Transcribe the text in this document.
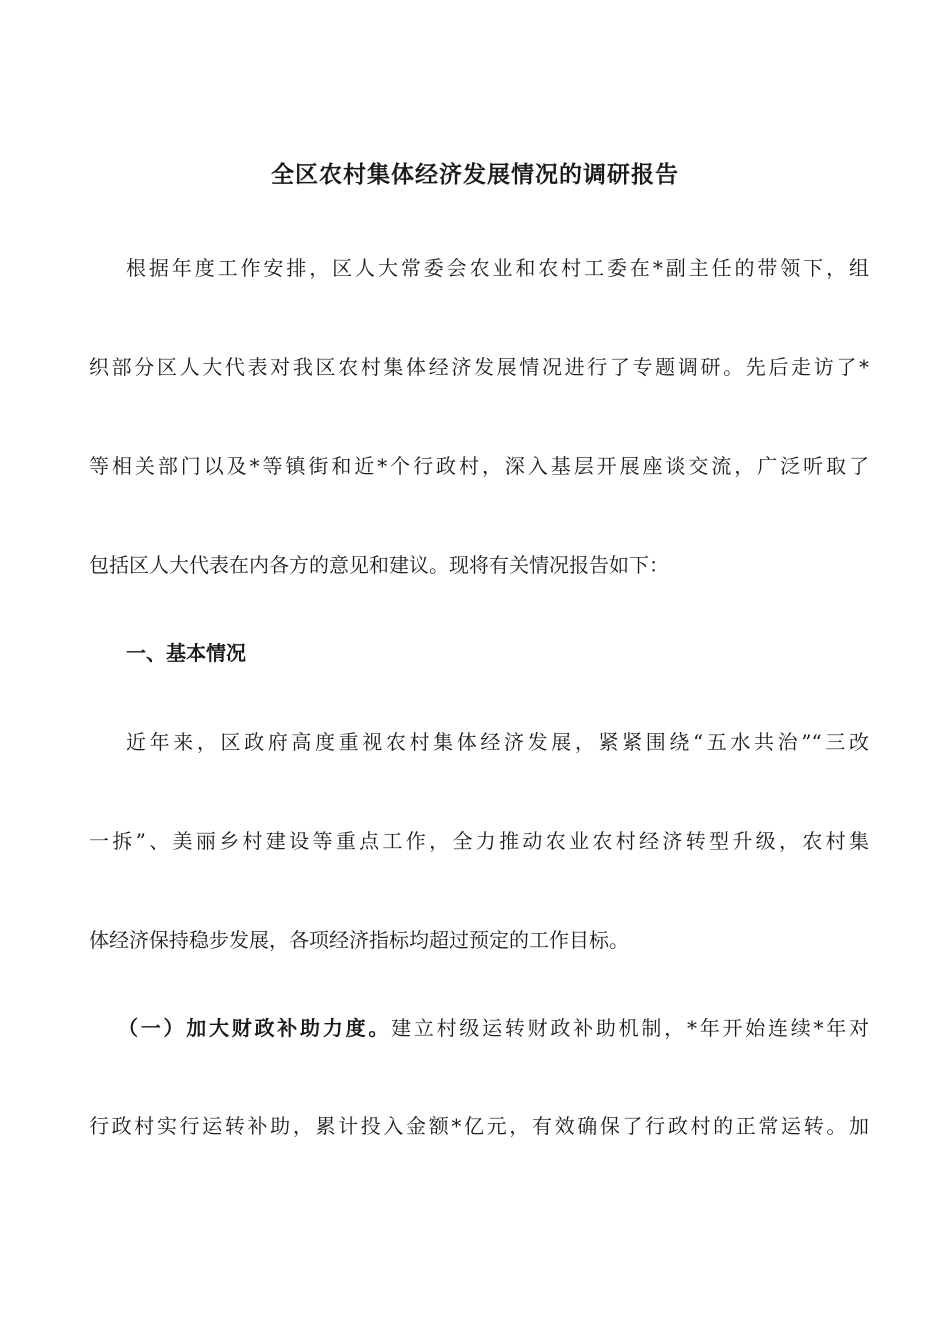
全区农村集体经济发展情况的调研报告

根据年度工作安排，区人大常委会农业和农村工委在*副主任的带领下，组

织部分区人大代表对我区农村集体经济发展情况进行了专题调研。先后走访了*

等相关部门以及*等镇街和近*个行政村，深入基层开展座谈交流，广泛听取了

包括区人大代表在内各方的意见和建议。现将有关情况报告如下：

一、基本情况

近年来，区政府高度重视农村集体经济发展，紧紧围绕“五水共治”“三改

一拆”、美丽乡村建设等重点工作，全力推动农业农村经济转型升级，农村集

体经济保持稳步发展，各项经济指标均超过预定的工作目标。

（一）加大财政补助力度。建立村级运转财政补助机制，*年开始连续*年对

行政村实行运转补助，累计投入金额*亿元，有效确保了行政村的正常运转。加
